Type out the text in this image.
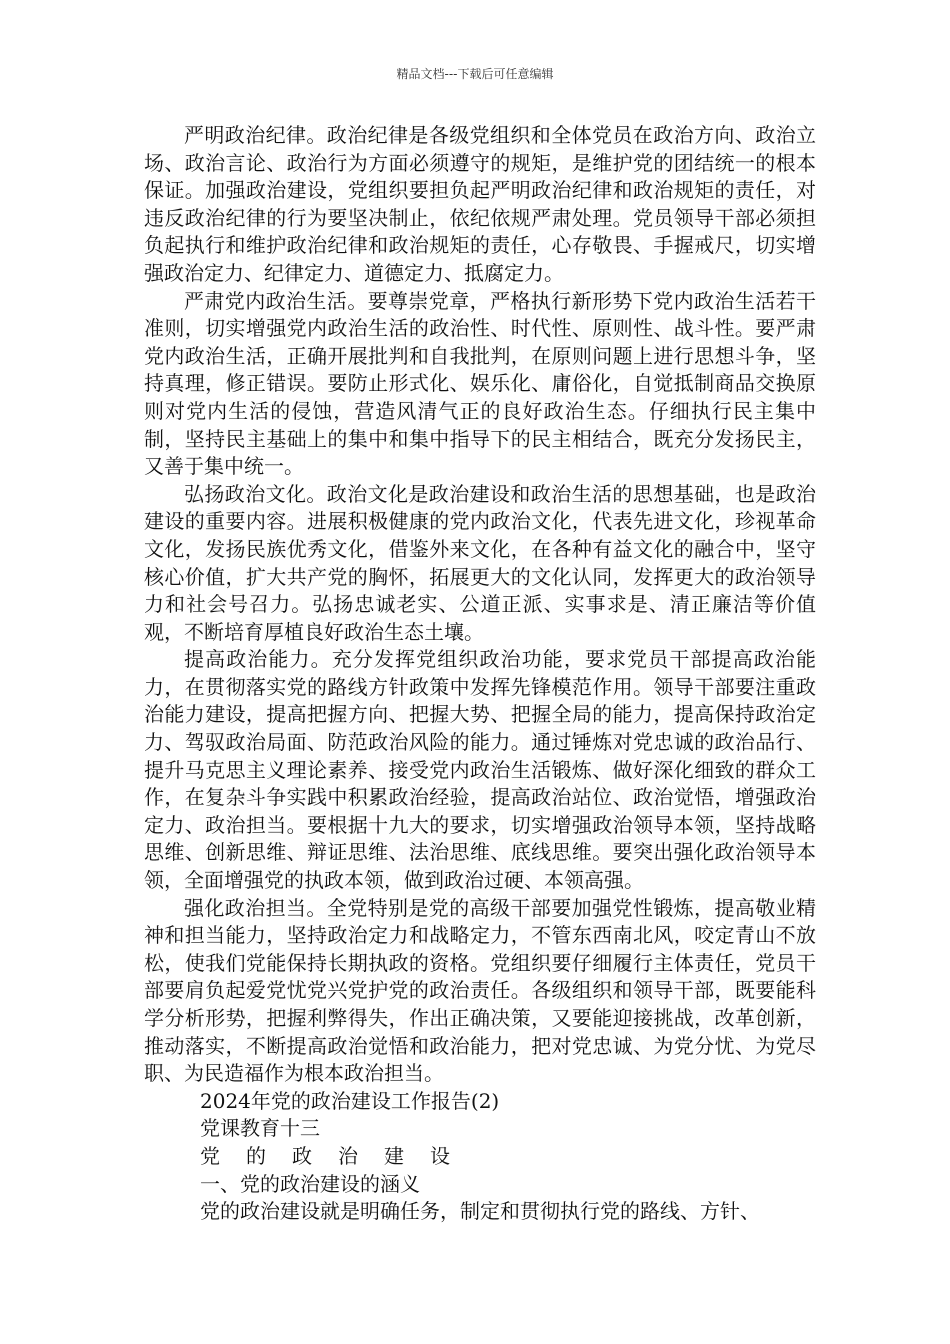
精品文档---下载后可任意编辑

严明政治纪律。政治纪律是各级党组织和全体党员在政治方向、政治立场、政治言论、政治行为方面必须遵守的规矩，是维护党的团结统一的根本保证。加强政治建设，党组织要担负起严明政治纪律和政治规矩的责任，对违反政治纪律的行为要坚决制止，依纪依规严肃处理。党员领导干部必须担负起执行和维护政治纪律和政治规矩的责任，心存敬畏、手握戒尺，切实增强政治定力、纪律定力、道德定力、抵腐定力。

严肃党内政治生活。要尊崇党章，严格执行新形势下党内政治生活若干准则，切实增强党内政治生活的政治性、时代性、原则性、战斗性。要严肃党内政治生活，正确开展批判和自我批判，在原则问题上进行思想斗争，坚持真理，修正错误。要防止形式化、娱乐化、庸俗化，自觉抵制商品交换原则对党内生活的侵蚀，营造风清气正的良好政治生态。仔细执行民主集中制，坚持民主基础上的集中和集中指导下的民主相结合，既充分发扬民主，又善于集中统一。

弘扬政治文化。政治文化是政治建设和政治生活的思想基础，也是政治建设的重要内容。进展积极健康的党内政治文化，代表先进文化，珍视革命文化，发扬民族优秀文化，借鉴外来文化，在各种有益文化的融合中，坚守核心价值，扩大共产党的胸怀，拓展更大的文化认同，发挥更大的政治领导力和社会号召力。弘扬忠诚老实、公道正派、实事求是、清正廉洁等价值观，不断培育厚植良好政治生态土壤。

提高政治能力。充分发挥党组织政治功能，要求党员干部提高政治能力，在贯彻落实党的路线方针政策中发挥先锋模范作用。领导干部要注重政治能力建设，提高把握方向、把握大势、把握全局的能力，提高保持政治定力、驾驭政治局面、防范政治风险的能力。通过锤炼对党忠诚的政治品行、提升马克思主义理论素养、接受党内政治生活锻炼、做好深化细致的群众工作，在复杂斗争实践中积累政治经验，提高政治站位、政治觉悟，增强政治定力、政治担当。要根据十九大的要求，切实增强政治领导本领，坚持战略思维、创新思维、辩证思维、法治思维、底线思维。要突出强化政治领导本领，全面增强党的执政本领，做到政治过硬、本领高强。

强化政治担当。全党特别是党的高级干部要加强党性锻炼，提高敬业精神和担当能力，坚持政治定力和战略定力，不管东西南北风，咬定青山不放松，使我们党能保持长期执政的资格。党组织要仔细履行主体责任，党员干部要肩负起爱党忧党兴党护党的政治责任。各级组织和领导干部，既要能科学分析形势，把握利弊得失，作出正确决策，又要能迎接挑战，改革创新，推动落实，不断提高政治觉悟和政治能力，把对党忠诚、为党分忧、为党尽职、为民造福作为根本政治担当。

2024年党的政治建设工作报告(2)
党课教育十三
党的政治建设
一、党的政治建设的涵义
党的政治建设就是明确任务，制定和贯彻执行党的路线、方针、
